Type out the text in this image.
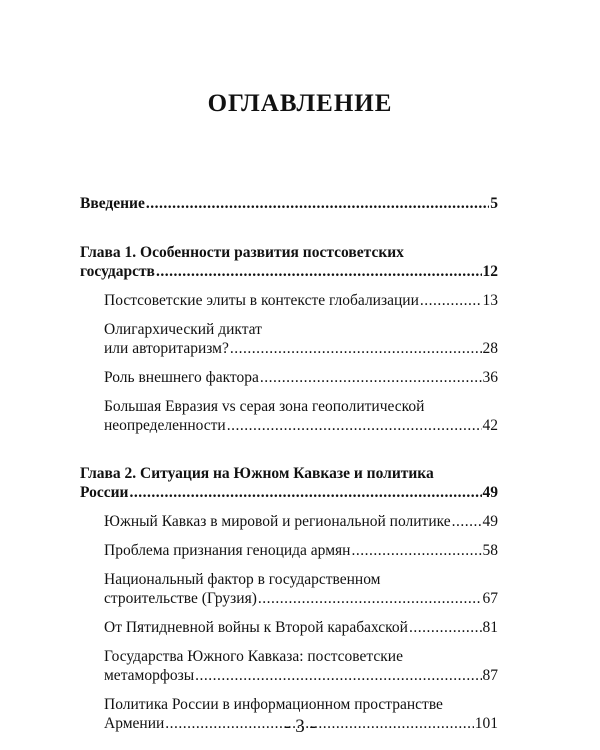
ОГЛАВЛЕНИЕ
Введение .....	5
Глава 1. Особенности развития постсоветских
государств .....	12
Постсоветские элиты в контексте глобализации .....	13
Олигархический диктат
или авторитаризм? .....	28
Роль внешнего фактора .....	36
Большая Евразия vs серая зона геополитической
неопределенности .....	42
Глава 2. Ситуация на Южном Кавказе и политика
России .....	49
Южный Кавказ в мировой и региональной политике ..... 49
Проблема признания геноцида армян .....	58
Национальный фактор в государственном
строительстве (Грузия) .....	67
От Пятидневной войны к Второй карабахской .....	81
Государства Южного Кавказа: постсоветские
метаморфозы .....	87
Политика России в информационном пространстве
Армении .....	101
- 3 -
